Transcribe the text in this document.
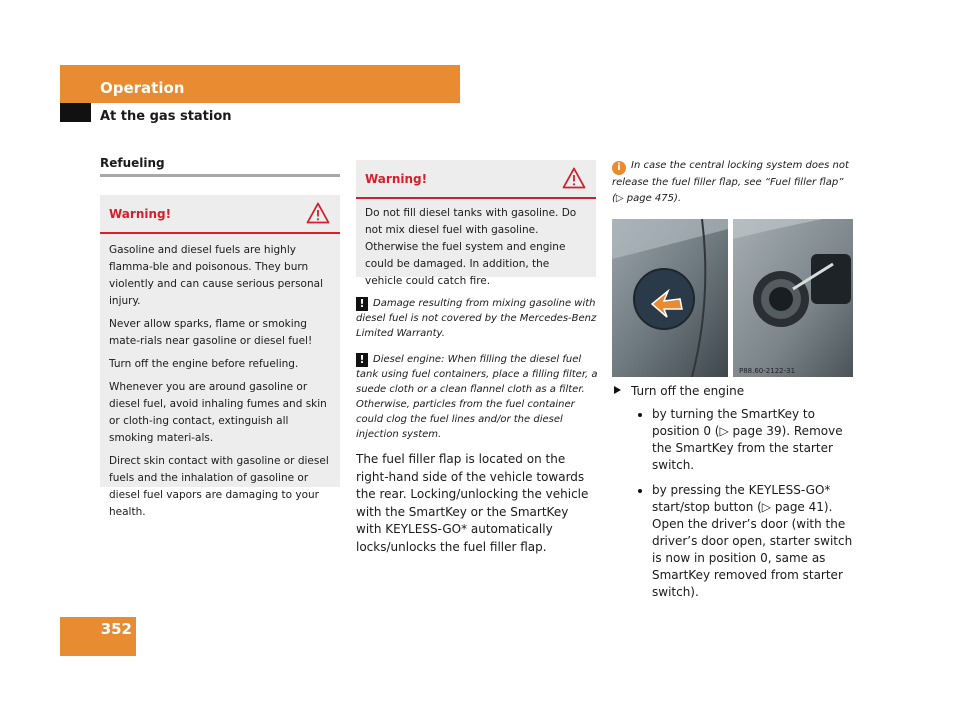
Operation
At the gas station
352
Refueling
Warning!

Gasoline and diesel fuels are highly flamma-ble and poisonous. They burn violently and can cause serious personal injury.

Never allow sparks, flame or smoking mate-rials near gasoline or diesel fuel!

Turn off the engine before refueling.

Whenever you are around gasoline or diesel fuel, avoid inhaling fumes and skin or cloth-ing contact, extinguish all smoking materi-als.

Direct skin contact with gasoline or diesel fuels and the inhalation of gasoline or diesel fuel vapors are damaging to your health.

Warning!

Do not fill diesel tanks with gasoline. Do not mix diesel fuel with gasoline. Otherwise the fuel system and engine could be damaged. In addition, the vehicle could catch fire.

! Damage resulting from mixing gasoline with diesel fuel is not covered by the Mercedes-Benz Limited Warranty.
! Diesel engine: When filling the diesel fuel tank using fuel containers, place a filling filter, a suede cloth or a clean flannel cloth as a filter. Otherwise, particles from the fuel container could clog the fuel lines and/or the diesel injection system.
The fuel filler flap is located on the right-hand side of the vehicle towards the rear. Locking/unlocking the vehicle with the SmartKey or the SmartKey with KEYLESS-GO* automatically locks/unlocks the fuel filler flap.
i In case the central locking system does not release the fuel filler flap, see “Fuel filler flap” (▷ page 475).
P88.60-2122-31
Turn off the engine
by turning the SmartKey to position 0 (▷ page 39). Remove the SmartKey from the starter switch.
by pressing the KEYLESS-GO* start/stop button (▷ page 41). Open the driver’s door (with the driver’s door open, starter switch is now in position 0, same as SmartKey removed from starter switch).
